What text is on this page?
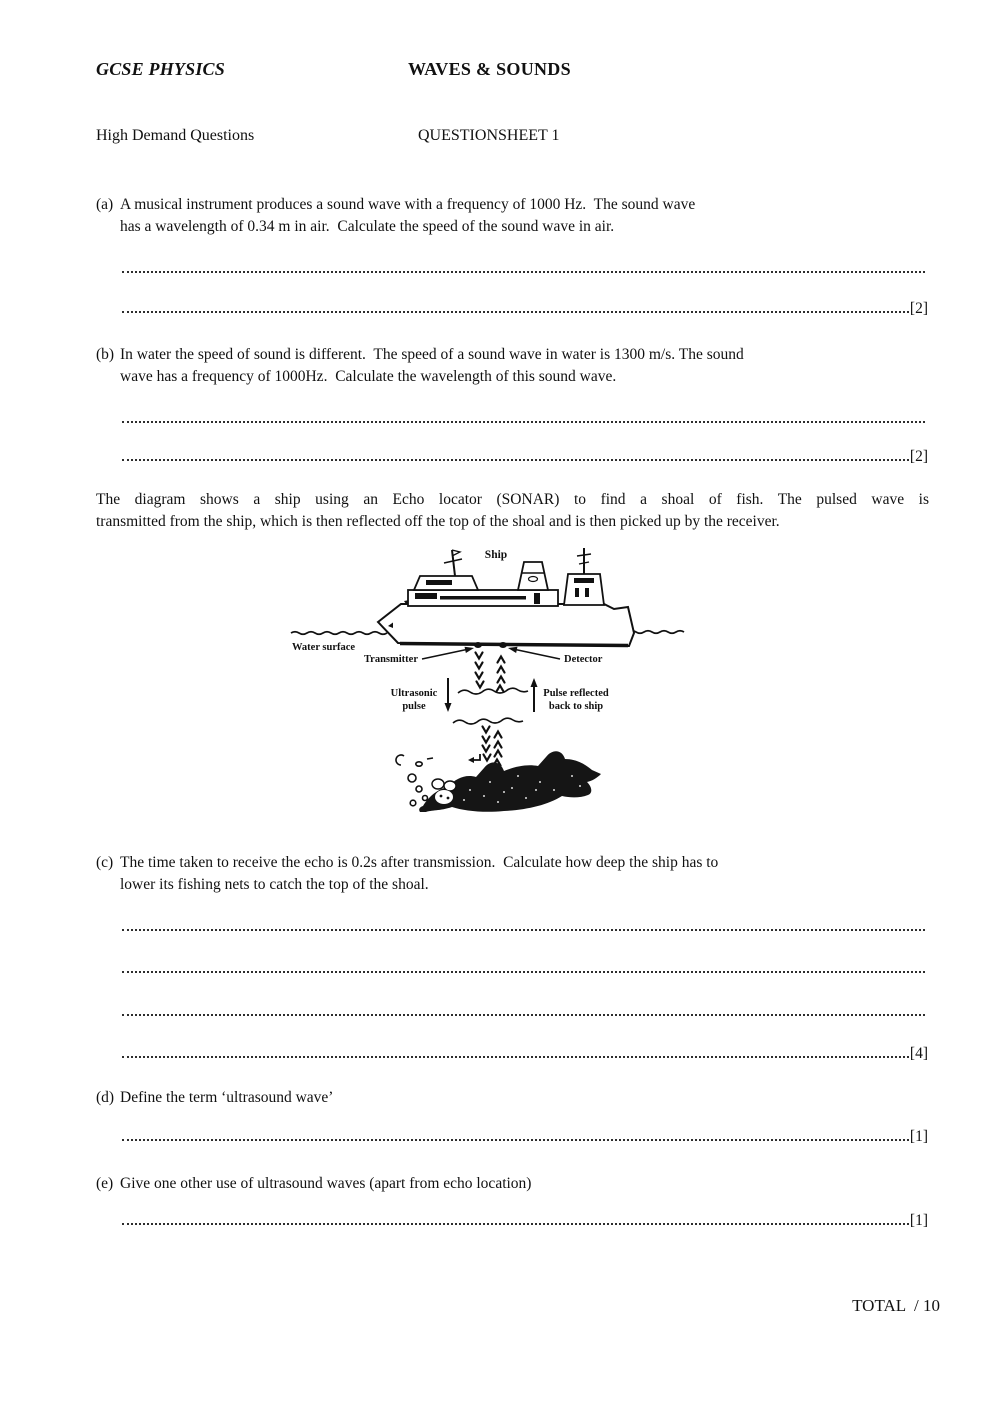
GCSE PHYSICS	WAVES & SOUNDS
High Demand Questions	QUESTIONSHEET 1
(a) A musical instrument produces a sound wave with a frequency of 1000 Hz.  The sound wave
has a wavelength of 0.34 m in air.  Calculate the speed of the sound wave in air.
[2]
(b) In water the speed of sound is different.  The speed of a sound wave in water is 1300 m/s. The sound
wave has a frequency of 1000Hz.  Calculate the wavelength of this sound wave.
[2]
The diagram shows a ship using an Echo locator (SONAR) to find a shoal of fish. The pulsed wave is
transmitted from the ship, which is then reflected off the top of the shoal and is then picked up by the receiver.
Ship
Water surface
Transmitter	Detector
Ultrasonic
pulse
Pulse reflected
back to ship
(c) The time taken to receive the echo is 0.2s after transmission.  Calculate how deep the ship has to
lower its fishing nets to catch the top of the shoal.
[4]
(d) Define the term ‘ultrasound wave’
[1]
(e) Give one other use of ultrasound waves (apart from echo location)
[1]
TOTAL  / 10
